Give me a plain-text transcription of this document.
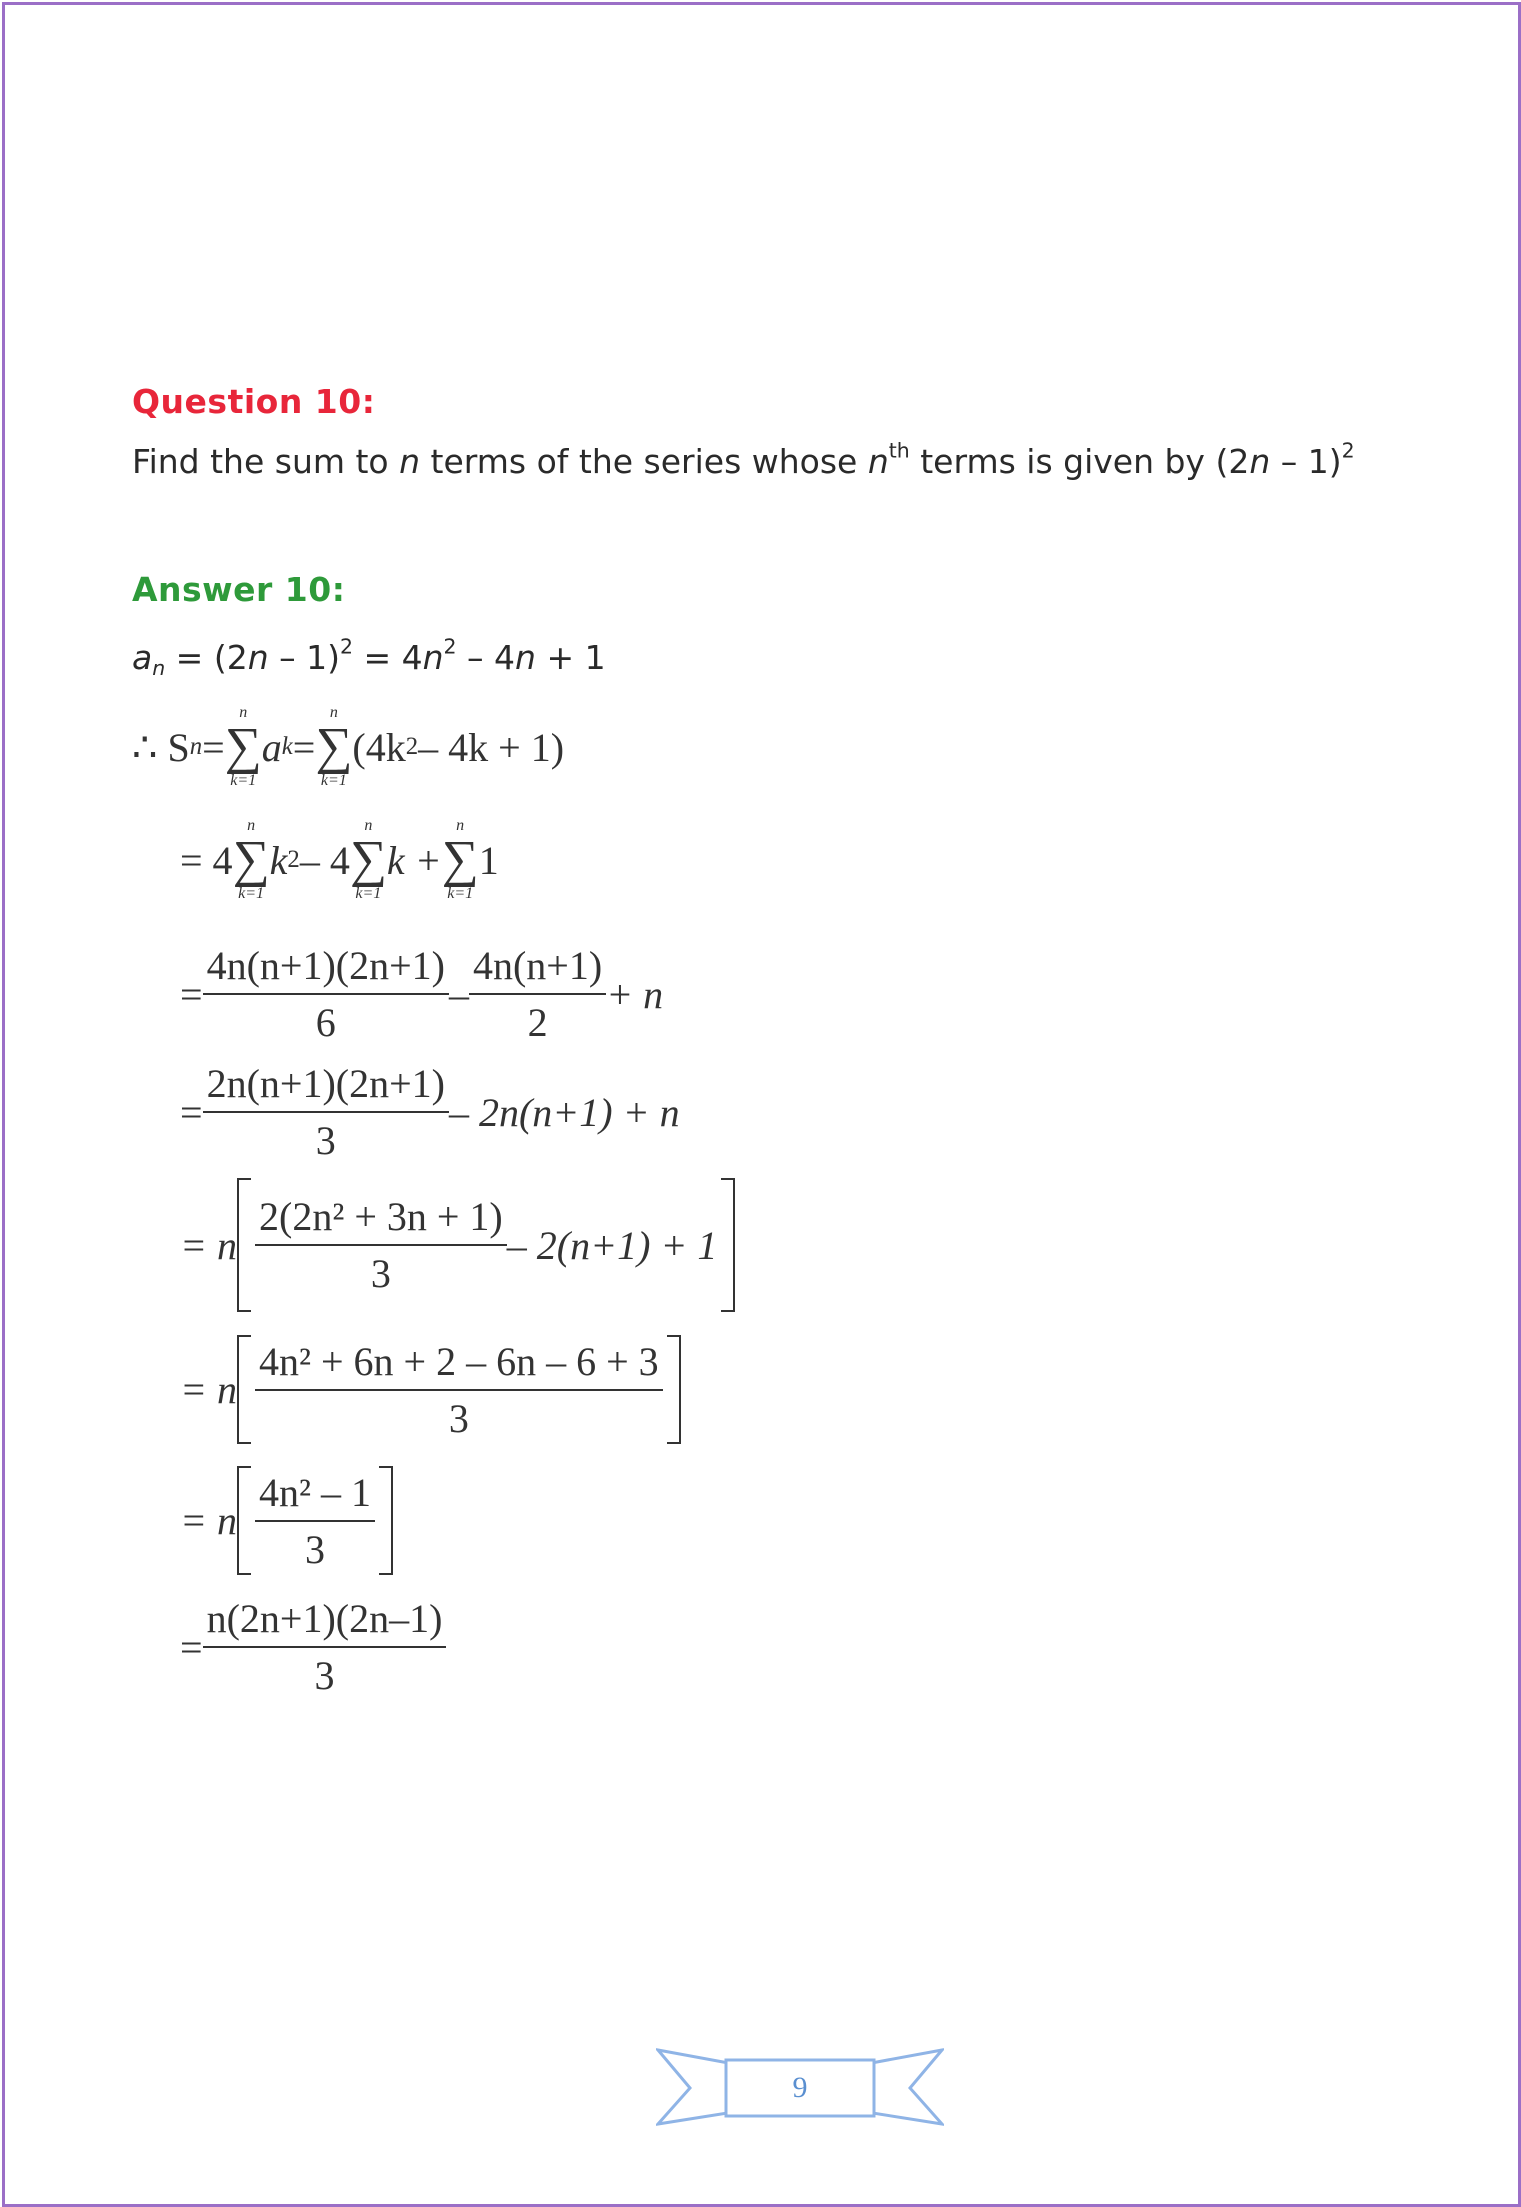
Question 10:
Find the sum to n terms of the series whose $n^{th}$ terms is given by (2n – 1)$^2$
Answer 10:
$a_n = (2n - 1)^2 = 4n^2 - 4n + 1$
∴ S n =
n
∑
k=1
a k =
n
∑
k=1
(4k 2 – 4k + 1)
= 4
n
∑
k=1
k 2 – 4
n
∑
k=1
k +
n
∑
k=1
1
= $\frac{4n(n+1)(2n+1)}{6} - \frac{4n(n+1)}{2} + n$
= $\frac{2n(n+1)(2n+1)}{3} - 2n(n+1) + n$
= n $\frac{\text{2(2n² + 3n + 1)}}{3} - 2(n+1) + 1$
= n $\frac{\text{4n² + 6n + 2 – 6n – 6 + 3}}{3}$
= n $\frac{\text{4n² – 1}}{3}$
= $\frac{n(2n+1)(2n-1)}{3}$
9
